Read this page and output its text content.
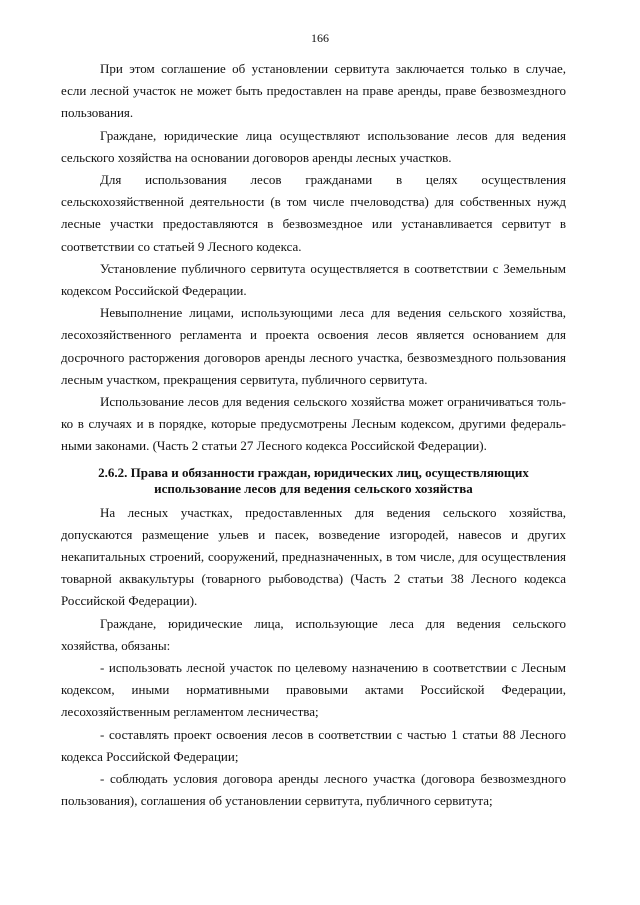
166

При этом соглашение об установлении сервитута заключается только в случае, если лесной участок не может быть предоставлен на праве аренды, праве безвозмездного пользования.

Граждане, юридические лица осуществляют использование лесов для ведения сельского хозяйства на основании договоров аренды лесных участков.

Для использования лесов гражданами в целях осуществления сельскохозяйственной деятельности (в том числе пчеловодства) для собственных нужд лесные участки предоставляются в безвозмездное или устанавливается сервитут в соответствии со статьей 9 Лесного кодекса.

Установление публичного сервитута осуществляется в соответствии с Земельным кодексом Российской Федерации.

Невыполнение лицами, использующими леса для ведения сельского хозяйства, лесохозяйственного регламента и проекта освоения лесов является основанием для досрочного расторжения договоров аренды лесного участка, безвозмездного пользования лесным участком, прекращения сервитута, публичного сервитута.

Использование лесов для ведения сельского хозяйства может ограничиваться толь-ко в случаях и в порядке, которые предусмотрены Лесным кодексом, другими федераль-ными законами. (Часть 2 статьи 27 Лесного кодекса Российской Федерации).

2.6.2. Права и обязанности граждан, юридических лиц, осуществляющих
использование лесов для ведения сельского хозяйства

На лесных участках, предоставленных для ведения сельского хозяйства, допускаются размещение ульев и пасек, возведение изгородей, навесов и других некапитальных строений, сооружений, предназначенных, в том числе, для осуществления товарной аквакультуры (товарного рыбоводства) (Часть 2 статьи 38 Лесного кодекса Российской Федерации).

Граждане, юридические лица, использующие леса для ведения сельского хозяйства, обязаны:

- использовать лесной участок по целевому назначению в соответствии с Лесным кодексом, иными нормативными правовыми актами Российской Федерации, лесохозяйственным регламентом лесничества;

- составлять проект освоения лесов в соответствии с частью 1 статьи 88 Лесного кодекса Российской Федерации;

- соблюдать условия договора аренды лесного участка (договора безвозмездного пользования), соглашения об установлении сервитута, публичного сервитута;
